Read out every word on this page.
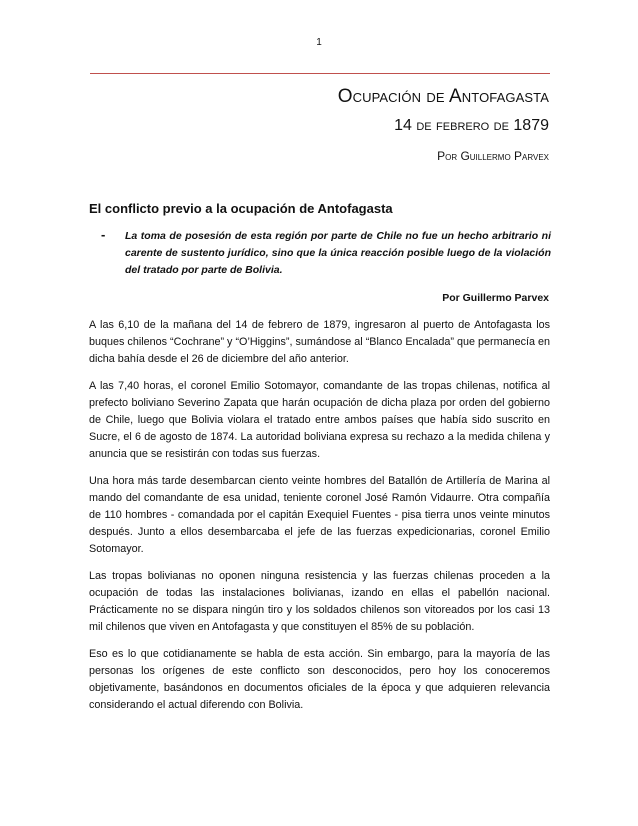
1
Ocupación de Antofagasta
14 de febrero de 1879
Por Guillermo Parvex
El conflicto previo a la ocupación de Antofagasta
- La toma de posesión de esta región por parte de Chile no fue un hecho arbitrario ni carente de sustento jurídico, sino que la única reacción posible luego de la violación del tratado por parte de Bolivia.
Por Guillermo Parvex

A las 6,10 de la mañana del 14 de febrero de 1879, ingresaron al puerto de Antofagasta los buques chilenos “Cochrane” y “O’Higgins”, sumándose al “Blanco Encalada” que permanecía en dicha bahía desde el 26 de diciembre del año anterior.

A las 7,40 horas, el coronel Emilio Sotomayor, comandante de las tropas chilenas, notifica al prefecto boliviano Severino Zapata que harán ocupación de dicha plaza por orden del gobierno de Chile, luego que Bolivia violara el tratado entre ambos países que había sido suscrito en Sucre, el 6 de agosto de 1874. La autoridad boliviana expresa su rechazo a la medida chilena y anuncia que se resistirán con todas sus fuerzas.

Una hora más tarde desembarcan ciento veinte hombres del Batallón de Artillería de Marina al mando del comandante de esa unidad, teniente coronel José Ramón Vidaurre. Otra compañía de 110 hombres - comandada por el capitán Exequiel Fuentes - pisa tierra unos veinte minutos después. Junto a ellos desembarcaba el jefe de las fuerzas expedicionarias, coronel Emilio Sotomayor.

Las tropas bolivianas no oponen ninguna resistencia y las fuerzas chilenas proceden a la ocupación de todas las instalaciones bolivianas, izando en ellas el pabellón nacional. Prácticamente no se dispara ningún tiro y los soldados chilenos son vitoreados por los casi 13 mil chilenos que viven en Antofagasta y que constituyen el 85% de su población.

Eso es lo que cotidianamente se habla de esta acción. Sin embargo, para la mayoría de las personas los orígenes de este conflicto son desconocidos, pero hoy los conoceremos objetivamente, basándonos en documentos oficiales de la época y que adquieren relevancia considerando el actual diferendo con Bolivia.
